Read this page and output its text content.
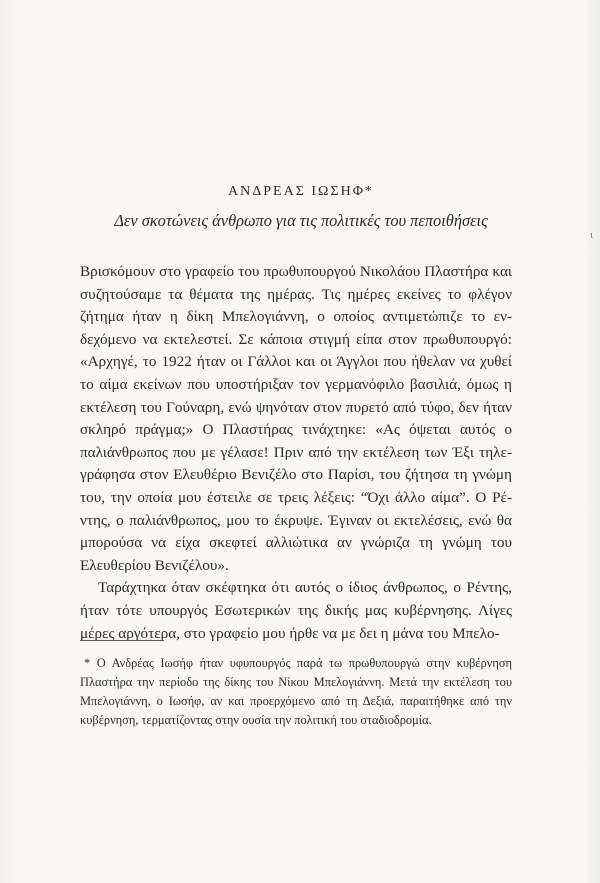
ΑΝΔΡΕΑΣ ΙΩΣΗΦ*

Δεν σκοτώνεις άνθρωπο για τις πολιτικές του πεποιθήσεις

ι

Βρισκόμουν στο γραφείο του πρωθυπουργού Νικολάου Πλαστήρα και συζητούσαμε τα θέματα της ημέρας. Τις ημέρες εκείνες το φλέγον ζήτημα ήταν η δίκη Μπελογιάννη, ο οποίος αντιμετώπιζε το ενδεχόμενο να εκτελεστεί. Σε κάποια στιγμή είπα στον πρωθυπουργό: «Αρχηγέ, το 1922 ήταν οι Γάλλοι και οι Άγγλοι που ήθελαν να χυθεί το αίμα εκείνων που υποστήριξαν τον γερμανόφιλο βασιλιά, όμως η εκτέλεση του Γούναρη, ενώ ψηνόταν στον πυρετό από τύφο, δεν ήταν σκληρό πράγμα;» Ο Πλαστήρας τινάχτηκε: «Ας όψεται αυτός ο παλιάνθρωπος που με γέλασε! Πριν από την εκτέλεση των Έξι τηλεγράφησα στον Ελευθέριο Βενιζέλο στο Παρίσι, του ζήτησα τη γνώμη του, την οποία μου έστειλε σε τρεις λέξεις: “Όχι άλλο αίμα”. Ο Ρέντης, ο παλιάνθρωπος, μου το έκρυψε. Έγιναν οι εκτελέσεις, ενώ θα μπορούσα να είχα σκεφτεί αλλιώτικα αν γνώριζα τη γνώμη του Ελευθερίου Βενιζέλου».

Ταράχτηκα όταν σκέφτηκα ότι αυτός ο ίδιος άνθρωπος, ο Ρέντης, ήταν τότε υπουργός Εσωτερικών της δικής μας κυβέρνησης. Λίγες μέρες αργότερα, στο γραφείο μου ήρθε να με δει η μάνα του Μπελο-

* Ο Ανδρέας Ιωσήφ ήταν υφυπουργός παρά τω πρωθυπουργώ στην κυβέρνηση Πλαστήρα την περίοδο της δίκης του Νίκου Μπελογιάννη. Μετά την εκτέλεση του Μπελογιάννη, ο Ιωσήφ, αν και προερχόμενο από τη Δεξιά, παραιτήθηκε από την κυβέρνηση, τερματίζοντας στην ουσία την πολιτική του σταδιοδρομία.
